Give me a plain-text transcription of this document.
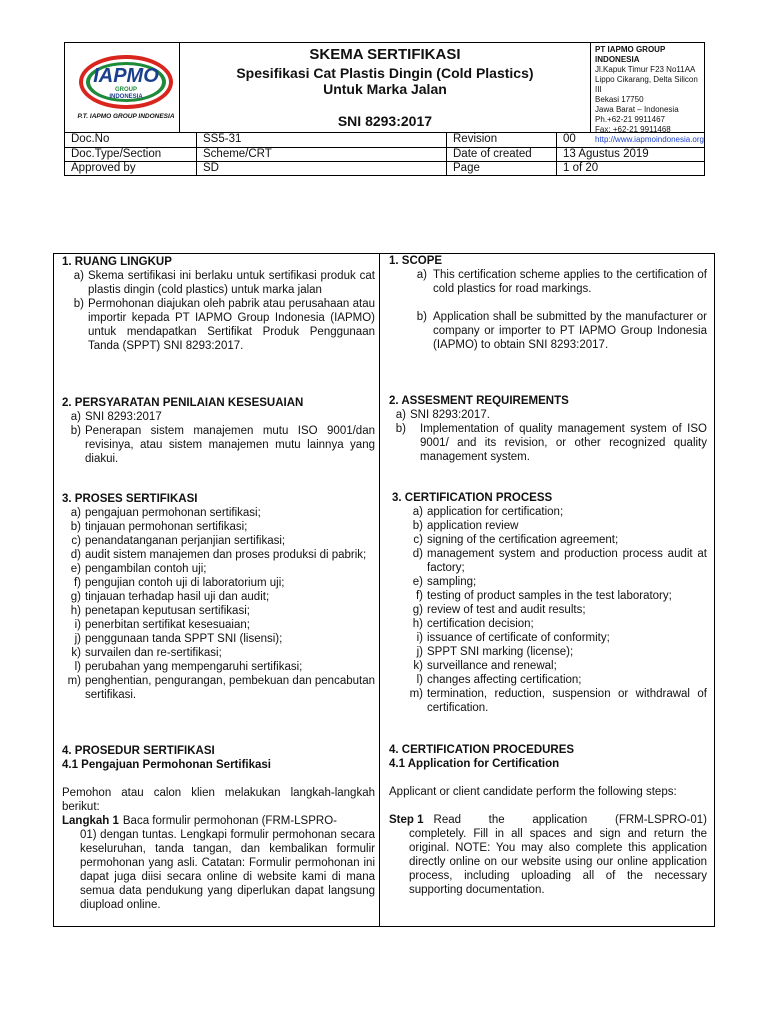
IAPMO
GROUP
INDONESIA
P.T. IAPMO GROUP INDONESIA
SKEMA SERTIFIKASI
Spesifikasi Cat Plastis Dingin (Cold Plastics)
Untuk Marka Jalan
SNI 8293:2017
PT IAPMO GROUP
INDONESIA
Jl.Kapuk Timur F23 No11AA
Lippo Cikarang, Delta Silicon III
Bekasi 17750
Jawa Barat – Indonesia
Ph.+62-21 9911467
Fax: +62-21 9911468
http://www.iapmoindonesia.org
Doc.No	SS5-31	Revision	00
Doc.Type/Section	Scheme/CRT	Date of created	13 Agustus 2019
Approved by	SD	Page	1 of 20
1. RUANG LINGKUP
a) Skema sertifikasi ini berlaku untuk sertifikasi produk cat plastis dingin (cold plastics) untuk marka jalan
b) Permohonan diajukan oleh pabrik atau perusahaan atau importir kepada PT IAPMO Group Indonesia (IAPMO) untuk mendapatkan Sertifikat Produk Penggunaan Tanda (SPPT) SNI 8293:2017.
2. PERSYARATAN PENILAIAN KESESUAIAN
a) SNI 8293:2017
b) Penerapan sistem manajemen mutu ISO 9001/dan revisinya, atau sistem manajemen mutu lainnya yang diakui.
3. PROSES SERTIFIKASI
a) pengajuan permohonan sertifikasi;
b) tinjauan permohonan sertifikasi;
c) penandatanganan perjanjian sertifikasi;
d) audit sistem manajemen dan proses produksi di pabrik;
e) pengambilan contoh uji;
f) pengujian contoh uji di laboratorium uji;
g) tinjauan terhadap hasil uji dan audit;
h) penetapan keputusan sertifikasi;
i) penerbitan sertifikat kesesuaian;
j) penggunaan tanda SPPT SNI (lisensi);
k) survailen dan re-sertifikasi;
l) perubahan yang mempengaruhi sertifikasi;
m) penghentian, pengurangan, pembekuan dan pencabutan sertifikasi.
4. PROSEDUR SERTIFIKASI
4.1 Pengajuan Permohonan Sertifikasi
Pemohon atau calon klien melakukan langkah-langkah berikut:
Langkah 1 Baca formulir permohonan (FRM-LSPRO-
01) dengan tuntas. Lengkapi formulir permohonan secara keseluruhan, tanda tangan, dan kembalikan formulir permohonan yang asli. Catatan: Formulir permohonan ini dapat juga diisi secara online di website kami di mana semua data pendukung yang diperlukan dapat langsung diupload online.
1. SCOPE
a) This certification scheme applies to the certification of cold plastics for road markings.
b) Application shall be submitted by the manufacturer or company or importer to PT IAPMO Group Indonesia (IAPMO) to obtain SNI 8293:2017.
2. ASSESMENT REQUIREMENTS
a) SNI 8293:2017.
b)	Implementation of quality management system of ISO 9001/ and its revision, or other recognized quality management system.
3. CERTIFICATION PROCESS
a) application for certification;
b) application review
c) signing of the certification agreement;
d) management system and production process audit at factory;
e) sampling;
f) testing of product samples in the test laboratory;
g) review of test and audit results;
h) certification decision;
i) issuance of certificate of conformity;
j) SPPT SNI marking (license);
k) surveillance and renewal;
l) changes affecting certification;
m) termination, reduction, suspension or withdrawal of certification.
4. CERTIFICATION PROCEDURES
4.1 Application for Certification
Applicant or client candidate perform the following steps:
Step 1 Read the application (FRM-LSPRO-01)
completely. Fill in all spaces and sign and return the original. NOTE: You may also complete this application directly online on our website using our online application process, including uploading all of the necessary supporting documentation.
